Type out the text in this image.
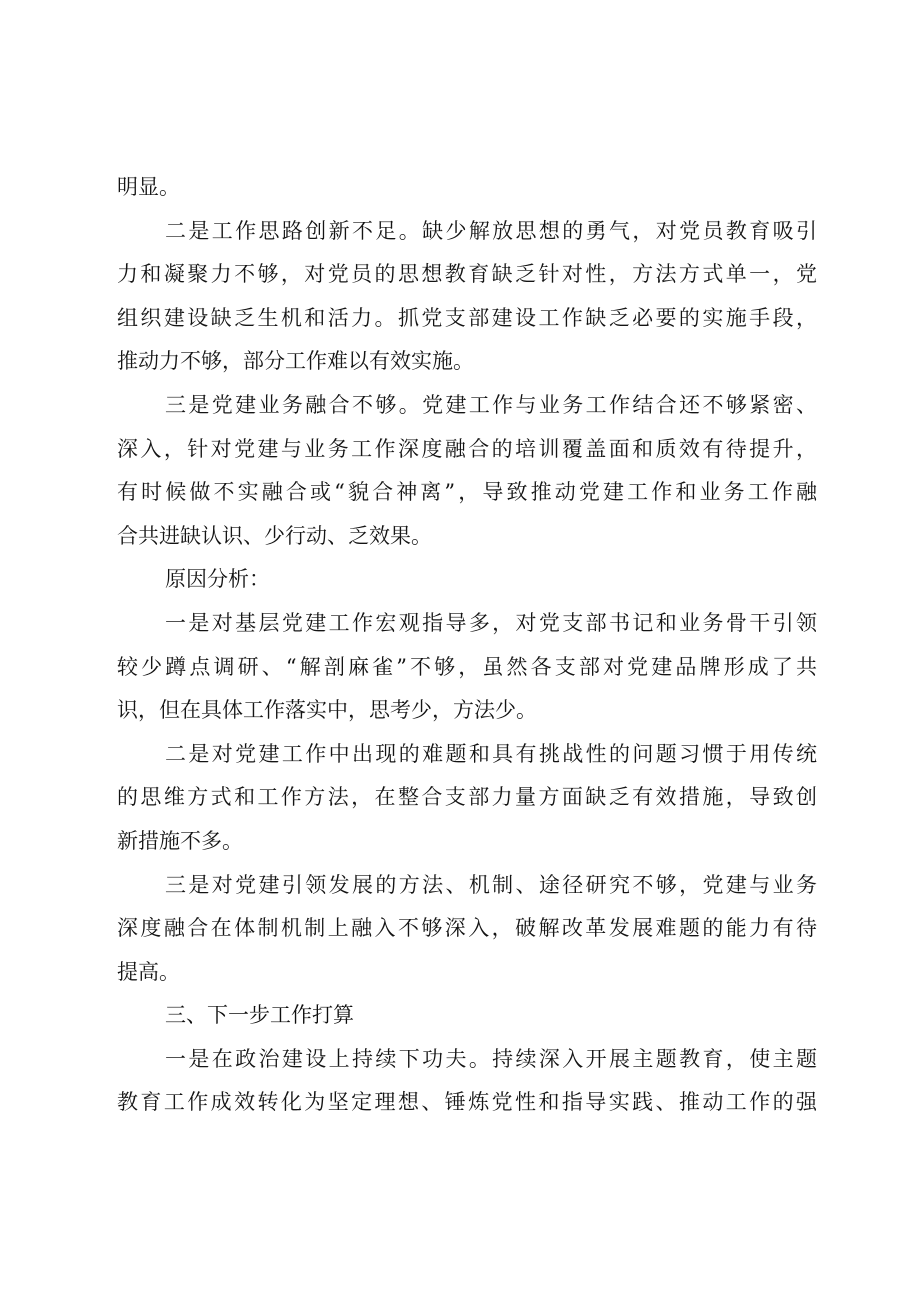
明显。
二是工作思路创新不足。缺少解放思想的勇气，对党员教育吸引
力和凝聚力不够，对党员的思想教育缺乏针对性，方法方式单一，党
组织建设缺乏生机和活力。抓党支部建设工作缺乏必要的实施手段，
推动力不够，部分工作难以有效实施。
三是党建业务融合不够。党建工作与业务工作结合还不够紧密、
深入，针对党建与业务工作深度融合的培训覆盖面和质效有待提升，
有时候做不实融合或“貌合神离”，导致推动党建工作和业务工作融
合共进缺认识、少行动、乏效果。
原因分析：
一是对基层党建工作宏观指导多，对党支部书记和业务骨干引领
较少蹲点调研、“解剖麻雀”不够，虽然各支部对党建品牌形成了共
识，但在具体工作落实中，思考少，方法少。
二是对党建工作中出现的难题和具有挑战性的问题习惯于用传统
的思维方式和工作方法，在整合支部力量方面缺乏有效措施，导致创
新措施不多。
三是对党建引领发展的方法、机制、途径研究不够，党建与业务
深度融合在体制机制上融入不够深入，破解改革发展难题的能力有待
提高。
三、下一步工作打算
一是在政治建设上持续下功夫。持续深入开展主题教育，使主题
教育工作成效转化为坚定理想、锤炼党性和指导实践、推动工作的强
